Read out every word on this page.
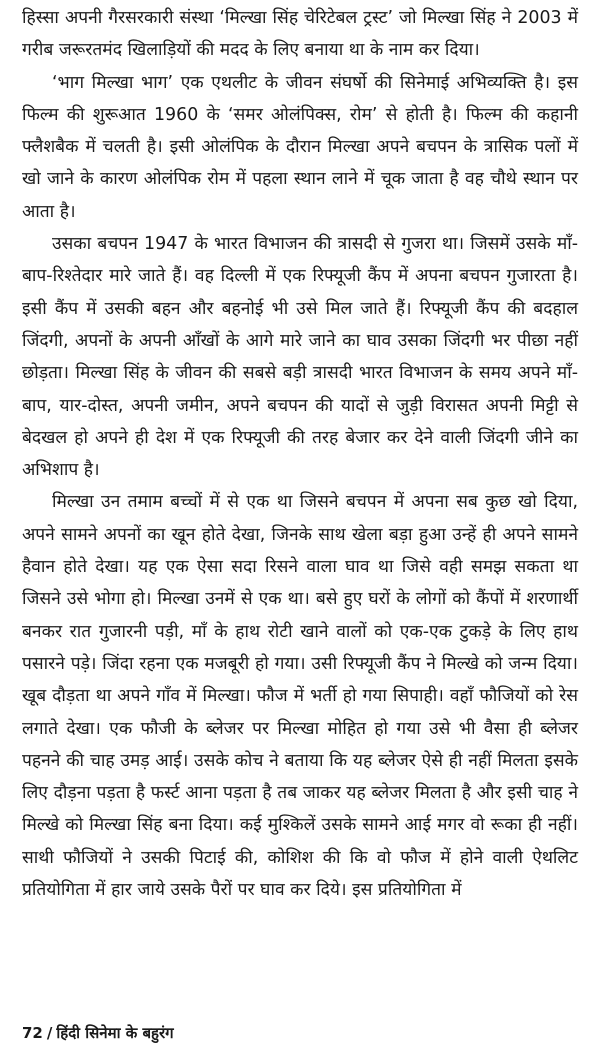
हिस्सा अपनी गैरसरकारी संस्था ‘मिल्खा सिंह चेरिटेबल ट्रस्ट’ जो मिल्खा सिंह ने 2003 में गरीब जरूरतमंद खिलाड़ियों की मदद के लिए बनाया था के नाम कर दिया।

‘भाग मिल्खा भाग’ एक एथलीट के जीवन संघर्षो की सिनेमाई अभिव्यक्ति है। इस फिल्म की शुरूआत 1960 के ‘समर ओलंपिक्स, रोम’ से होती है। फिल्म की कहानी फ्लैशबैक में चलती है। इसी ओलंपिक के दौरान मिल्खा अपने बचपन के त्रासिक पलों में खो जाने के कारण ओलंपिक रोम में पहला स्थान लाने में चूक जाता है वह चौथे स्थान पर आता है।

उसका बचपन 1947 के भारत विभाजन की त्रासदी से गुजरा था। जिसमें उसके माँ-बाप-रिश्तेदार मारे जाते हैं। वह दिल्ली में एक रिफ्यूजी कैंप में अपना बचपन गुजारता है। इसी कैंप में उसकी बहन और बहनोई भी उसे मिल जाते हैं। रिफ्यूजी कैंप की बदहाल जिंदगी, अपनों के अपनी आँखों के आगे मारे जाने का घाव उसका जिंदगी भर पीछा नहीं छोड़ता। मिल्खा सिंह के जीवन की सबसे बड़ी त्रासदी भारत विभाजन के समय अपने माँ-बाप, यार-दोस्त, अपनी जमीन, अपने बचपन की यादों से जुड़ी विरासत अपनी मिट्टी से बेदखल हो अपने ही देश में एक रिफ्यूजी की तरह बेजार कर देने वाली जिंदगी जीने का अभिशाप है।

मिल्खा उन तमाम बच्चों में से एक था जिसने बचपन में अपना सब कुछ खो दिया, अपने सामने अपनों का खून होते देखा, जिनके साथ खेला बड़ा हुआ उन्हें ही अपने सामने हैवान होते देखा। यह एक ऐसा सदा रिसने वाला घाव था जिसे वही समझ सकता था जिसने उसे भोगा हो। मिल्खा उनमें से एक था। बसे हुए घरों के लोगों को कैंपों में शरणार्थी बनकर रात गुजारनी पड़ी, माँ के हाथ रोटी खाने वालों को एक-एक टुकड़े के लिए हाथ पसारने पड़े। जिंदा रहना एक मजबूरी हो गया। उसी रिफ्यूजी कैंप ने मिल्खे को जन्म दिया। खूब दौड़ता था अपने गाँव में मिल्खा। फौज में भर्ती हो गया सिपाही। वहाँ फौजियों को रेस लगाते देखा। एक फौजी के ब्लेजर पर मिल्खा मोहित हो गया उसे भी वैसा ही ब्लेजर पहनने की चाह उमड़ आई। उसके कोच ने बताया कि यह ब्लेजर ऐसे ही नहीं मिलता इसके लिए दौड़ना पड़ता है फर्स्ट आना पड़ता है तब जाकर यह ब्लेजर मिलता है और इसी चाह ने मिल्खे को मिल्खा सिंह बना दिया। कई मुश्किलें उसके सामने आई मगर वो रूका ही नहीं। साथी फौजियों ने उसकी पिटाई की, कोशिश की कि वो फौज में होने वाली ऐथलिट प्रतियोगिता में हार जाये उसके पैरों पर घाव कर दिये। इस प्रतियोगिता में

72 / हिंदी सिनेमा के बहुरंग
